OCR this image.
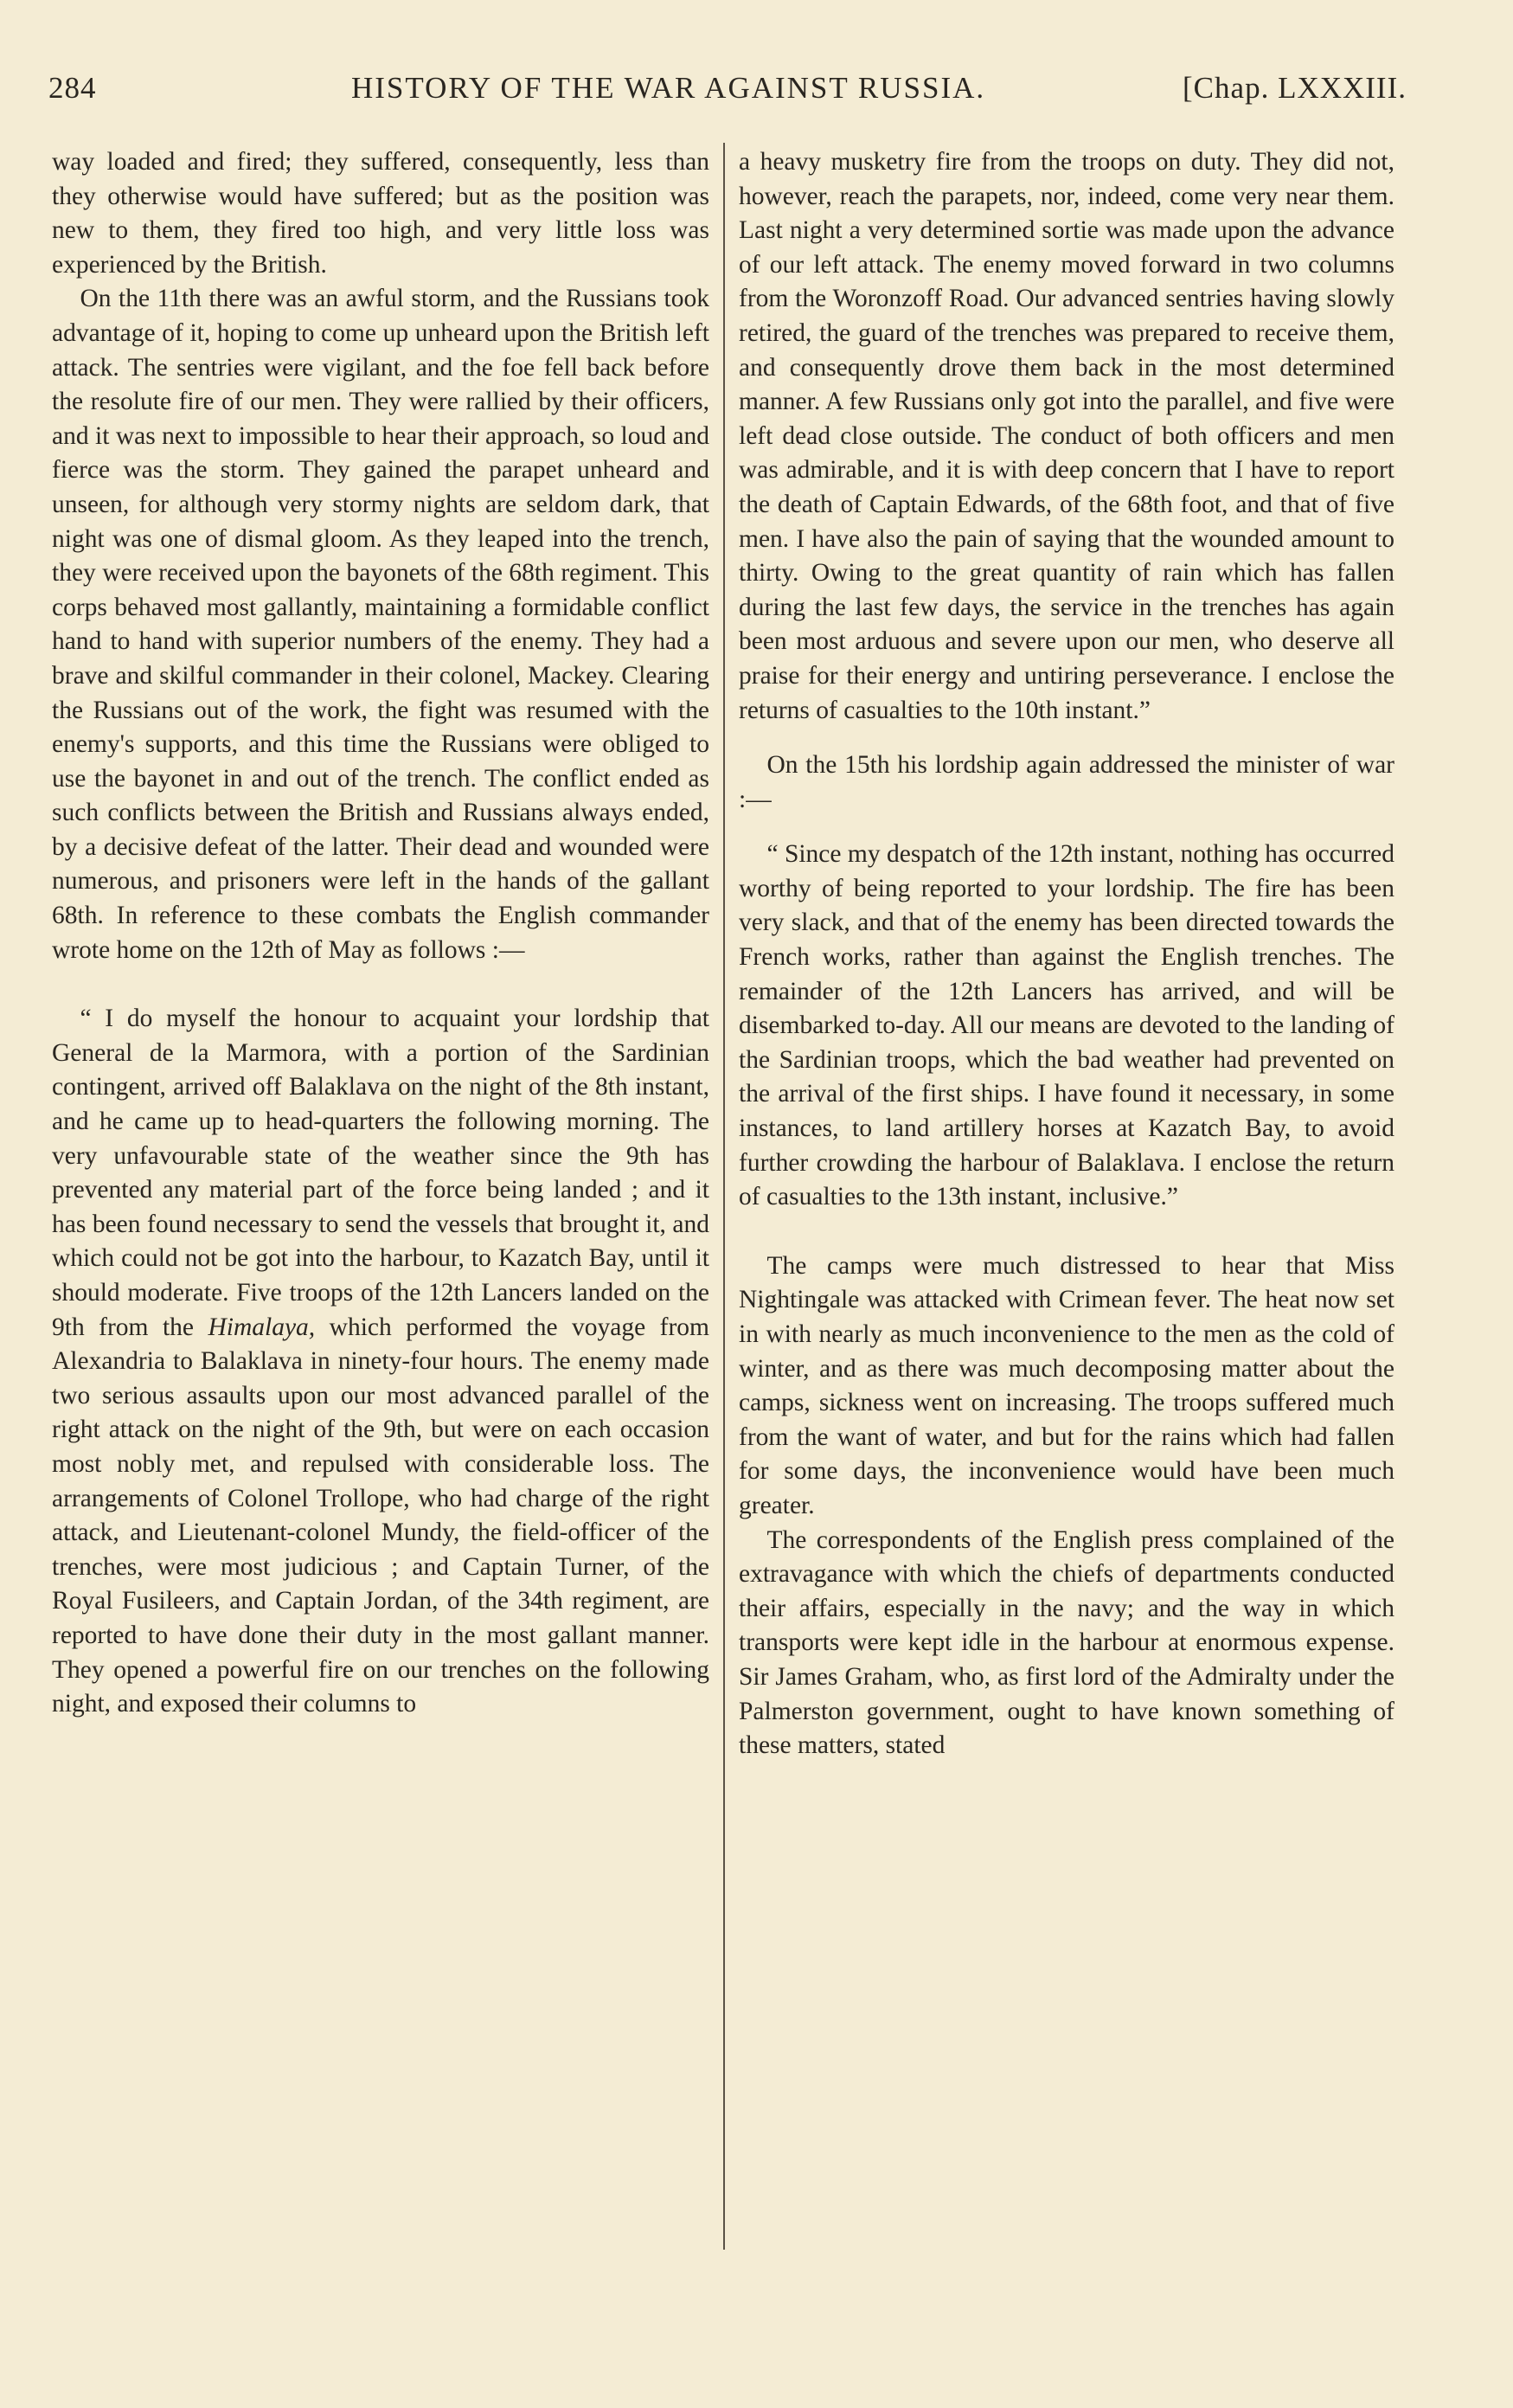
284	HISTORY OF THE WAR AGAINST RUSSIA.	[Chap. LXXXIII.

way loaded and fired; they suffered, consequently, less than they otherwise would have suffered; but as the position was new to them, they fired too high, and very little loss was experienced by the British.

On the 11th there was an awful storm, and the Russians took advantage of it, hoping to come up unheard upon the British left attack. The sentries were vigilant, and the foe fell back before the resolute fire of our men. They were rallied by their officers, and it was next to impossible to hear their approach, so loud and fierce was the storm. They gained the parapet unheard and unseen, for although very stormy nights are seldom dark, that night was one of dismal gloom. As they leaped into the trench, they were received upon the bayonets of the 68th regiment. This corps behaved most gallantly, maintaining a formidable conflict hand to hand with superior numbers of the enemy. They had a brave and skilful commander in their colonel, Mackey. Clearing the Russians out of the work, the fight was resumed with the enemy's supports, and this time the Russians were obliged to use the bayonet in and out of the trench. The conflict ended as such conflicts between the British and Russians always ended, by a decisive defeat of the latter. Their dead and wounded were numerous, and prisoners were left in the hands of the gallant 68th. In reference to these combats the English commander wrote home on the 12th of May as follows :—

“ I do myself the honour to acquaint your lordship that General de la Marmora, with a portion of the Sardinian contingent, arrived off Balaklava on the night of the 8th instant, and he came up to head-quarters the following morning. The very unfavourable state of the weather since the 9th has prevented any material part of the force being landed ; and it has been found necessary to send the vessels that brought it, and which could not be got into the harbour, to Kazatch Bay, until it should moderate. Five troops of the 12th Lancers landed on the 9th from the Himalaya, which performed the voyage from Alexandria to Balaklava in ninety-four hours. The enemy made two serious assaults upon our most advanced parallel of the right attack on the night of the 9th, but were on each occasion most nobly met, and repulsed with considerable loss. The arrangements of Colonel Trollope, who had charge of the right attack, and Lieutenant-colonel Mundy, the field-officer of the trenches, were most judicious ; and Captain Turner, of the Royal Fusileers, and Captain Jordan, of the 34th regiment, are reported to have done their duty in the most gallant manner. They opened a powerful fire on our trenches on the following night, and exposed their columns to

a heavy musketry fire from the troops on duty. They did not, however, reach the parapets, nor, indeed, come very near them. Last night a very determined sortie was made upon the advance of our left attack. The enemy moved forward in two columns from the Woronzoff Road. Our advanced sentries having slowly retired, the guard of the trenches was prepared to receive them, and consequently drove them back in the most determined manner. A few Russians only got into the parallel, and five were left dead close outside. The conduct of both officers and men was admirable, and it is with deep concern that I have to report the death of Captain Edwards, of the 68th foot, and that of five men. I have also the pain of saying that the wounded amount to thirty. Owing to the great quantity of rain which has fallen during the last few days, the service in the trenches has again been most arduous and severe upon our men, who deserve all praise for their energy and untiring perseverance. I enclose the returns of casualties to the 10th instant.”

On the 15th his lordship again addressed the minister of war :—

“ Since my despatch of the 12th instant, nothing has occurred worthy of being reported to your lordship. The fire has been very slack, and that of the enemy has been directed towards the French works, rather than against the English trenches. The remainder of the 12th Lancers has arrived, and will be disembarked to-day. All our means are devoted to the landing of the Sardinian troops, which the bad weather had prevented on the arrival of the first ships. I have found it necessary, in some instances, to land artillery horses at Kazatch Bay, to avoid further crowding the harbour of Balaklava. I enclose the return of casualties to the 13th instant, inclusive.”

The camps were much distressed to hear that Miss Nightingale was attacked with Crimean fever. The heat now set in with nearly as much inconvenience to the men as the cold of winter, and as there was much decomposing matter about the camps, sickness went on increasing. The troops suffered much from the want of water, and but for the rains which had fallen for some days, the inconvenience would have been much greater.

The correspondents of the English press complained of the extravagance with which the chiefs of departments conducted their affairs, especially in the navy; and the way in which transports were kept idle in the harbour at enormous expense. Sir James Graham, who, as first lord of the Admiralty under the Palmerston government, ought to have known something of these matters, stated
